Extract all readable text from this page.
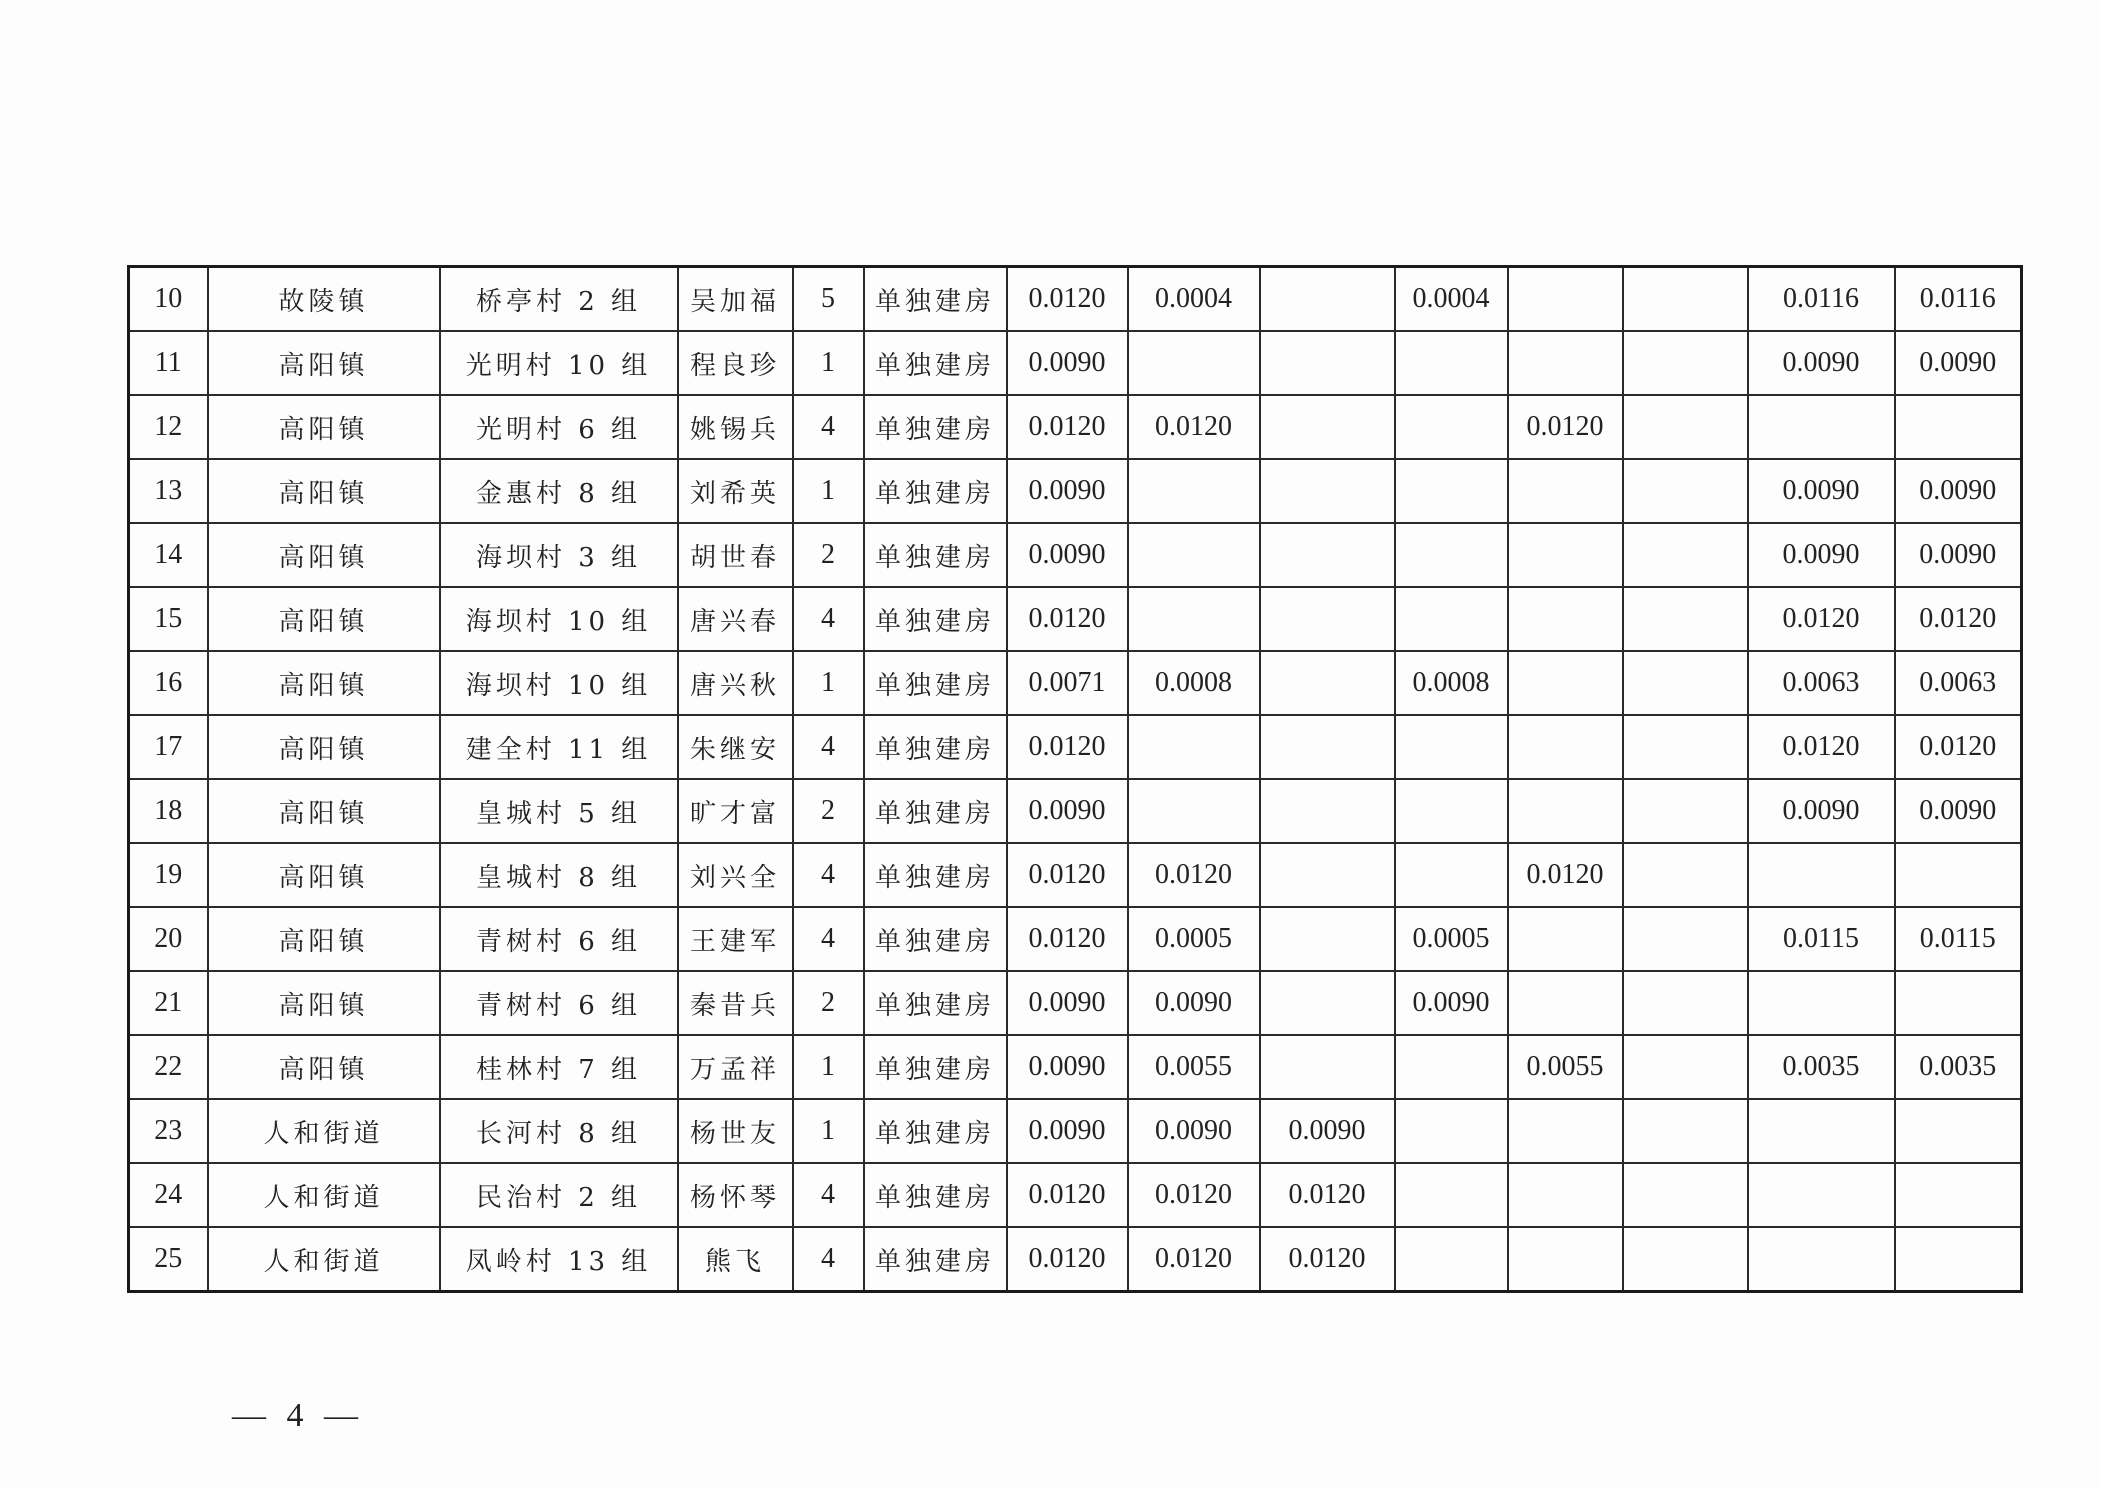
10	故陵镇	桥亭村 2 组	吴加福	5	单独建房	0.0120	0.0004		0.0004			0.0116	0.0116
11	高阳镇	光明村 10 组	程良珍	1	单独建房	0.0090						0.0090	0.0090
12	高阳镇	光明村 6 组	姚锡兵	4	单独建房	0.0120	0.0120			0.0120			
13	高阳镇	金惠村 8 组	刘希英	1	单独建房	0.0090						0.0090	0.0090
14	高阳镇	海坝村 3 组	胡世春	2	单独建房	0.0090						0.0090	0.0090
15	高阳镇	海坝村 10 组	唐兴春	4	单独建房	0.0120						0.0120	0.0120
16	高阳镇	海坝村 10 组	唐兴秋	1	单独建房	0.0071	0.0008		0.0008			0.0063	0.0063
17	高阳镇	建全村 11 组	朱继安	4	单独建房	0.0120						0.0120	0.0120
18	高阳镇	皇城村 5 组	旷才富	2	单独建房	0.0090						0.0090	0.0090
19	高阳镇	皇城村 8 组	刘兴全	4	单独建房	0.0120	0.0120			0.0120			
20	高阳镇	青树村 6 组	王建军	4	单独建房	0.0120	0.0005		0.0005			0.0115	0.0115
21	高阳镇	青树村 6 组	秦昔兵	2	单独建房	0.0090	0.0090		0.0090				
22	高阳镇	桂林村 7 组	万孟祥	1	单独建房	0.0090	0.0055			0.0055		0.0035	0.0035
23	人和街道	长河村 8 组	杨世友	1	单独建房	0.0090	0.0090	0.0090					
24	人和街道	民治村 2 组	杨怀琴	4	单独建房	0.0120	0.0120	0.0120					
25	人和街道	凤岭村 13 组	熊飞	4	单独建房	0.0120	0.0120	0.0120					
— 4 —
